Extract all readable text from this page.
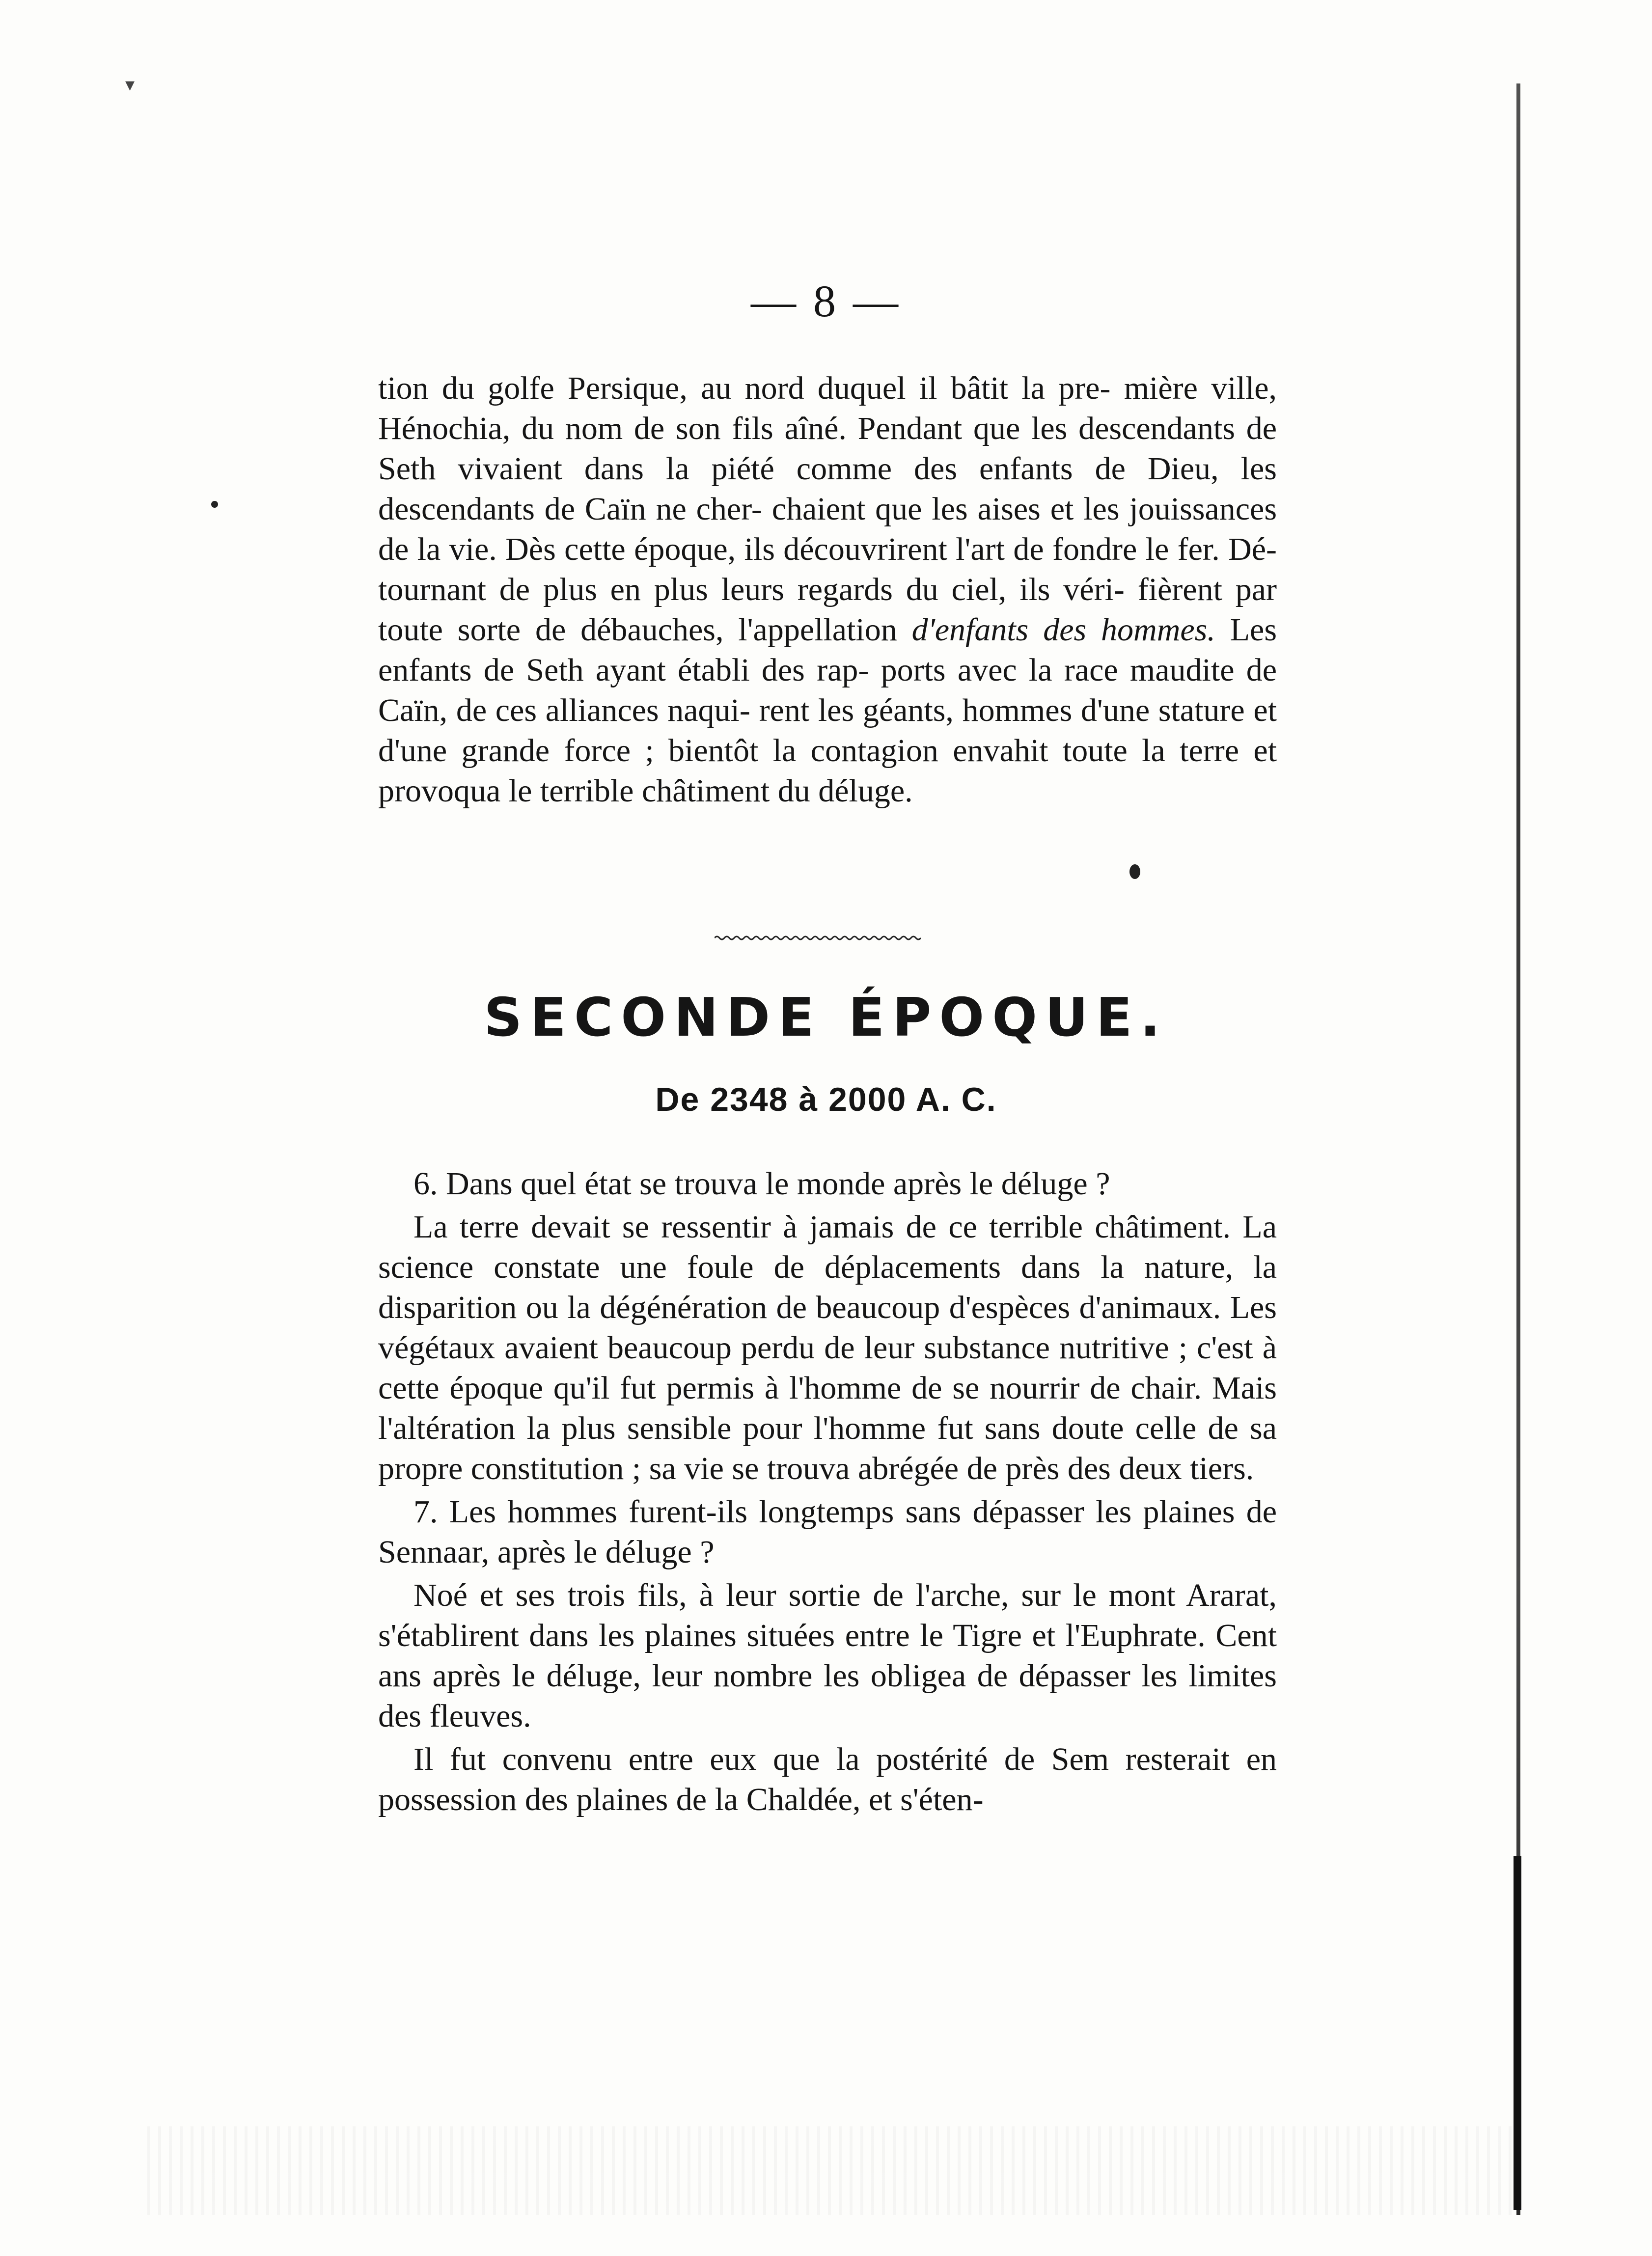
▾
— 8 —

tion du golfe Persique, au nord duquel il bâtit la pre- mière ville, Hénochia, du nom de son fils aîné. Pendant que les descendants de Seth vivaient dans la piété comme des enfants de Dieu, les descendants de Caïn ne cher- chaient que les aises et les jouissances de la vie. Dès cette époque, ils découvrirent l'art de fondre le fer. Dé- tournant de plus en plus leurs regards du ciel, ils véri- fièrent par toute sorte de débauches, l'appellation d'enfants des hommes. Les enfants de Seth ayant établi des rap- ports avec la race maudite de Caïn, de ces alliances naqui- rent les géants, hommes d'une stature et d'une grande force ; bientôt la contagion envahit toute la terre et provoqua le terrible châtiment du déluge.

SECONDE ÉPOQUE.
De 2348 à 2000 A. C.

6. Dans quel état se trouva le monde après le déluge ?

La terre devait se ressentir à jamais de ce terrible châtiment. La science constate une foule de déplacements dans la nature, la disparition ou la dégénération de beaucoup d'espèces d'animaux. Les végétaux avaient beaucoup perdu de leur substance nutritive ; c'est à cette époque qu'il fut permis à l'homme de se nourrir de chair. Mais l'altération la plus sensible pour l'homme fut sans doute celle de sa propre constitution ; sa vie se trouva abrégée de près des deux tiers.

7. Les hommes furent-ils longtemps sans dépasser les plaines de Sennaar, après le déluge ?

Noé et ses trois fils, à leur sortie de l'arche, sur le mont Ararat, s'établirent dans les plaines situées entre le Tigre et l'Euphrate. Cent ans après le déluge, leur nombre les obligea de dépasser les limites des fleuves.

Il fut convenu entre eux que la postérité de Sem resterait en possession des plaines de la Chaldée, et s'éten-
